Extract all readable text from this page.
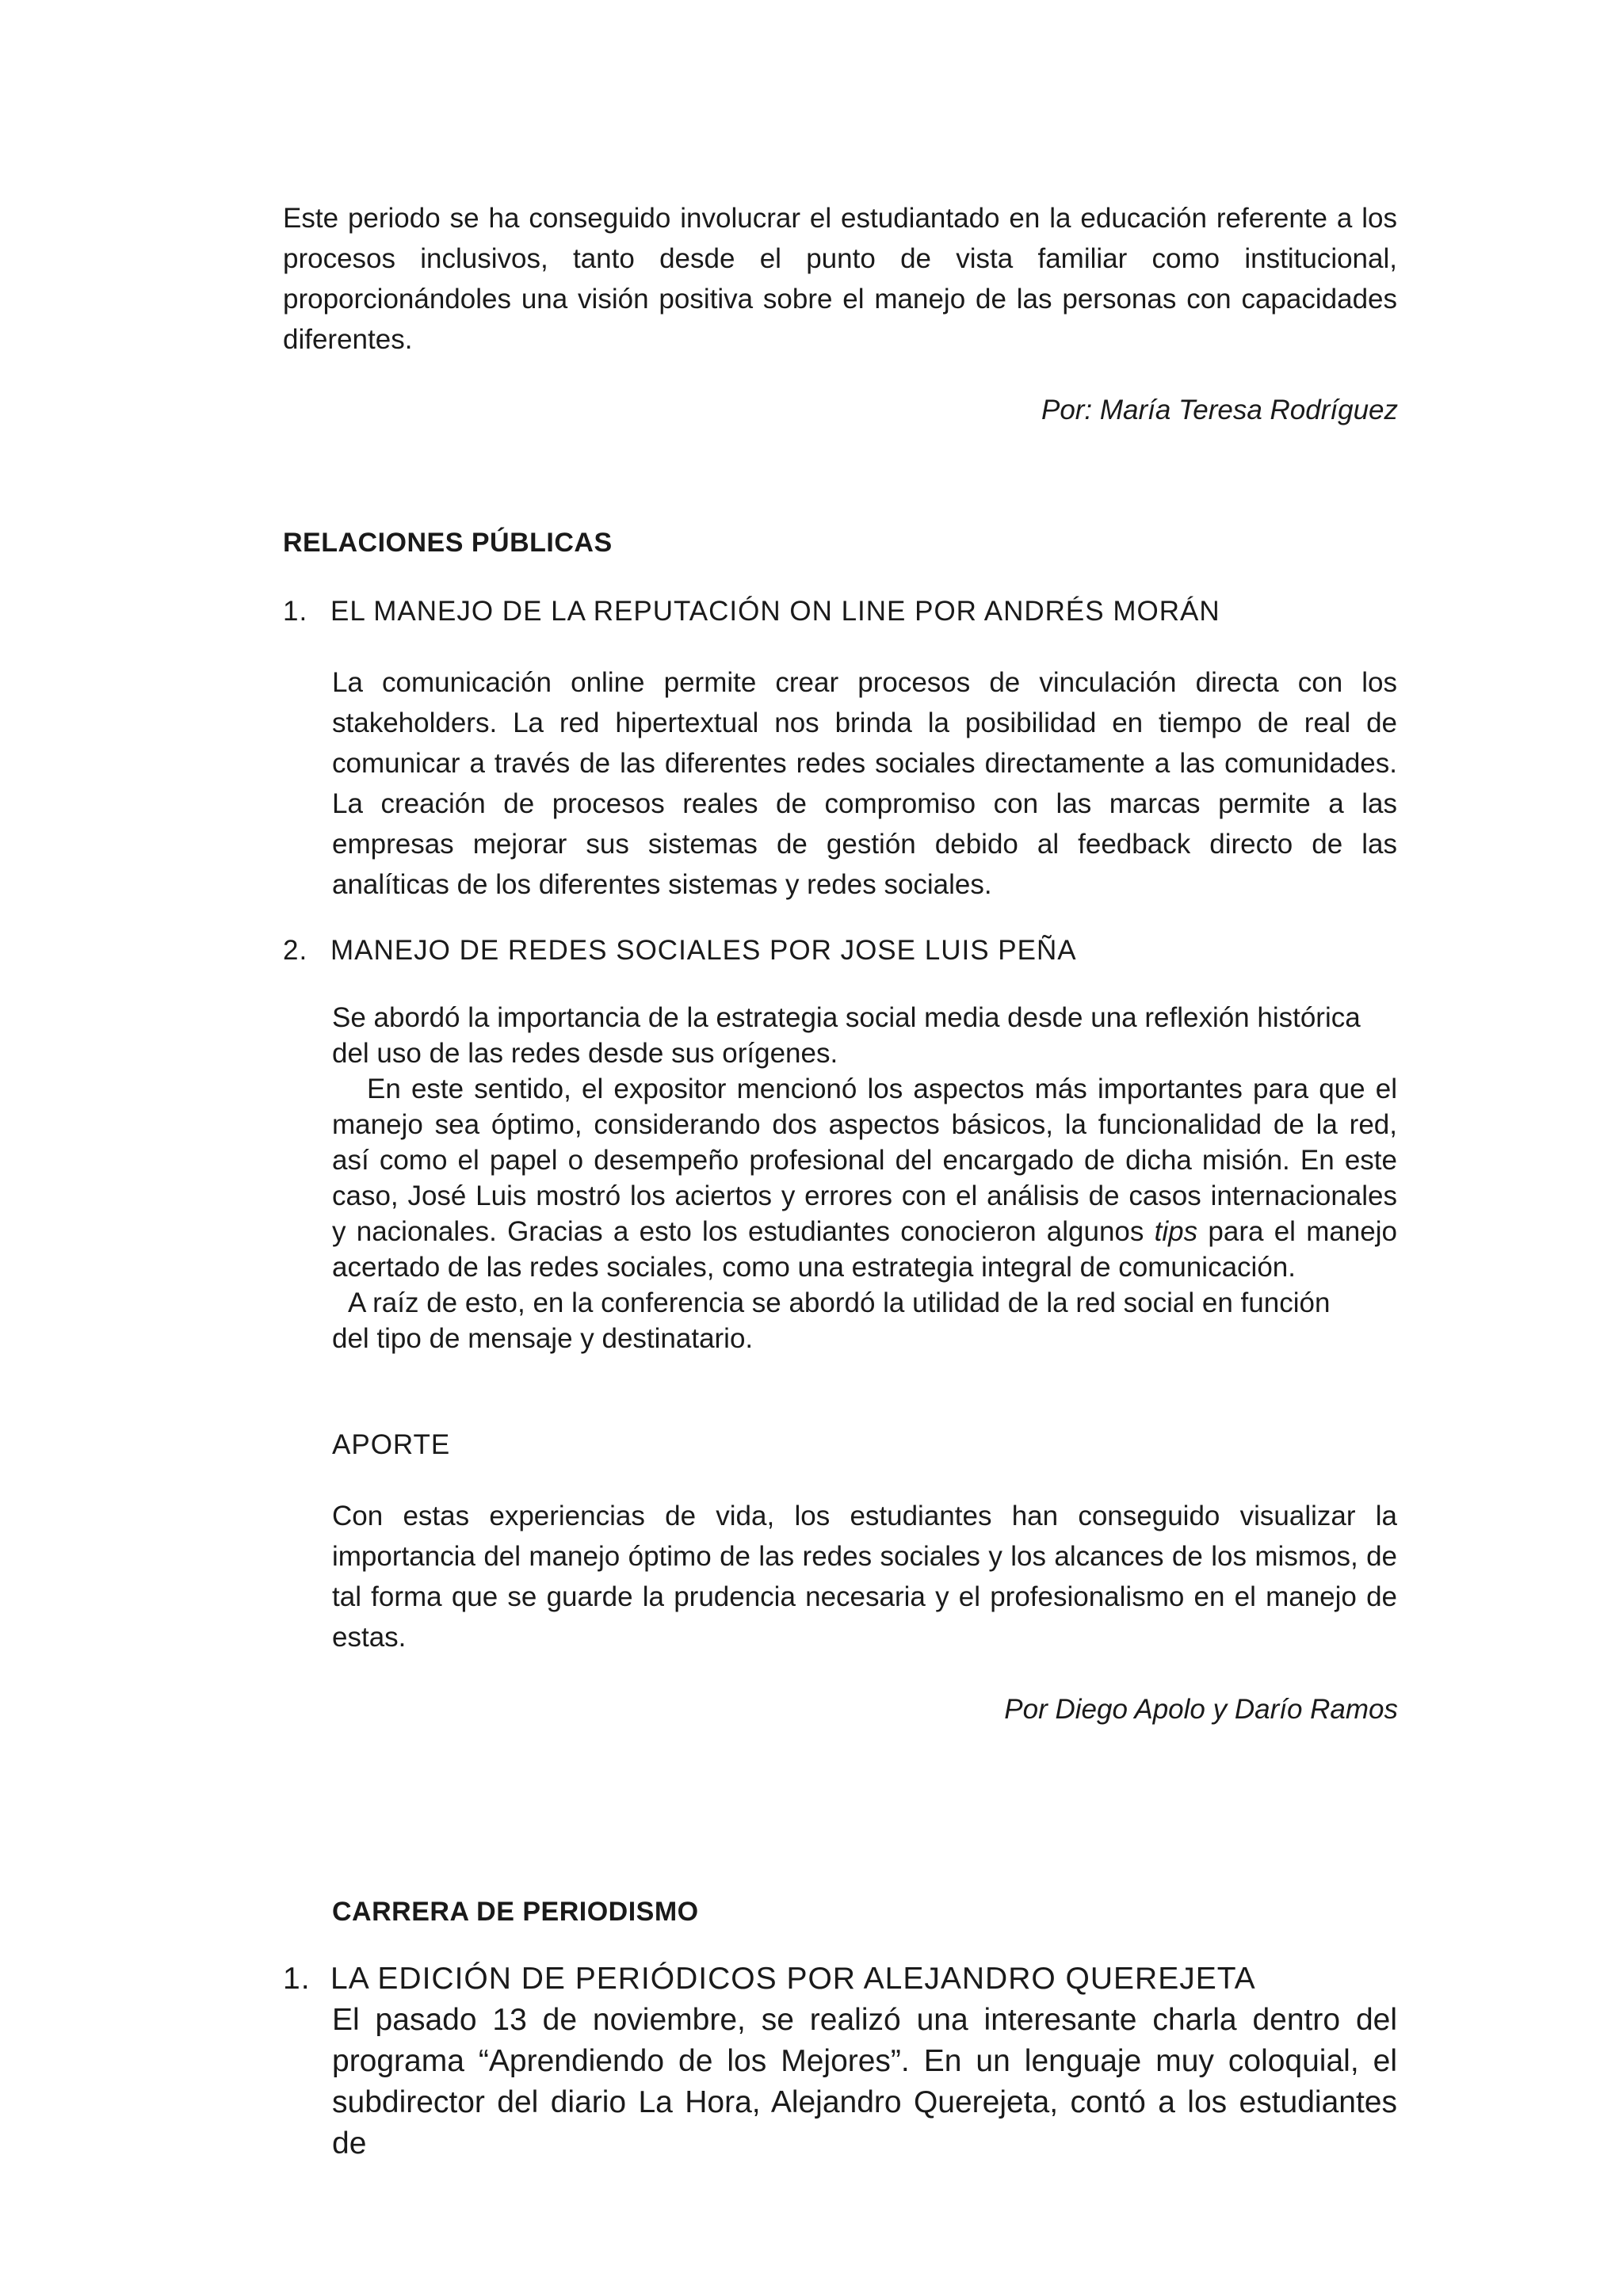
Este periodo se ha conseguido involucrar el estudiantado en la educación referente a los procesos inclusivos, tanto desde el punto de vista familiar como institucional, proporcionándoles una visión positiva sobre el manejo de las personas con capacidades diferentes.

Por: María Teresa Rodríguez

RELACIONES PÚBLICAS
1. EL MANEJO DE LA REPUTACIÓN ON LINE POR ANDRÉS MORÁN

La comunicación online permite crear procesos de vinculación directa con los stakeholders. La red hipertextual nos brinda la posibilidad en tiempo de real de comunicar a través de las diferentes redes sociales directamente a las comunidades. La creación de procesos reales de compromiso con las marcas permite a las empresas mejorar sus sistemas de gestión debido al feedback directo de las analíticas de los diferentes sistemas y redes sociales.

2. MANEJO DE REDES SOCIALES POR JOSE LUIS PEÑA

Se abordó la importancia de la estrategia social media desde una reflexión histórica del uso de las redes desde sus orígenes.

En este sentido, el expositor mencionó los aspectos más importantes para que el manejo sea óptimo, considerando dos aspectos básicos, la funcionalidad de la red, así como el papel o desempeño profesional del encargado de dicha misión. En este caso, José Luis mostró los aciertos y errores con el análisis de casos internacionales y nacionales. Gracias a esto los estudiantes conocieron algunos tips para el manejo acertado de las redes sociales, como una estrategia integral de comunicación.

A raíz de esto, en la conferencia se abordó la utilidad de la red social en función del tipo de mensaje y destinatario.

APORTE

Con estas experiencias de vida, los estudiantes han conseguido visualizar la importancia del manejo óptimo de las redes sociales y los alcances de los mismos, de tal forma que se guarde la prudencia necesaria y el profesionalismo en el manejo de estas.

Por Diego Apolo y Darío Ramos

CARRERA DE PERIODISMO
1. LA EDICIÓN DE PERIÓDICOS POR ALEJANDRO QUEREJETA

El pasado 13 de noviembre, se realizó una interesante charla dentro del programa “Aprendiendo de los Mejores”. En un lenguaje muy coloquial, el subdirector del diario La Hora, Alejandro Querejeta, contó a los estudiantes de
